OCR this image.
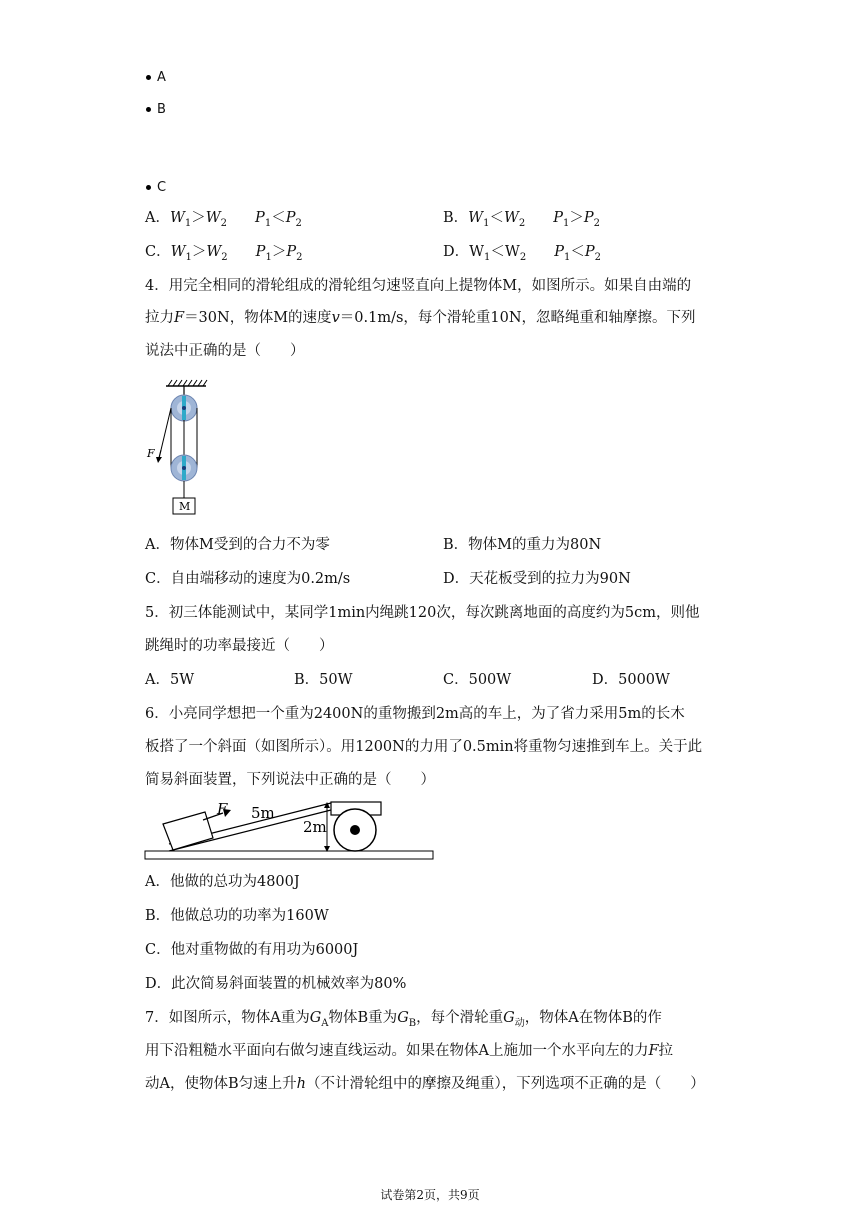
A
B
C
A．$W_1>W_2$ $P_1<P_2$	B．$W_1<W_2$ $P_1>P_2$
C．$W_1>W_2$ $P_1>P_2$	D．$W_1<W_2$ $P_1<P_2$
4．用完全相同的滑轮组成的滑轮组匀速竖直向上提物体M，如图所示。如果自由端的
拉力F＝30N，物体M的速度v＝0.1m/s，每个滑轮重10N，忽略绳重和轴摩擦。下列
说法中正确的是（　　）
F
M
A．物体M受到的合力不为零	B．物体M的重力为80N
C．自由端移动的速度为0.2m/s	D．天花板受到的拉力为90N
5．初三体能测试中，某同学1min内绳跳120次，每次跳离地面的高度约为5cm，则他
跳绳时的功率最接近（　　）
A．5W	B．50W	C．500W	D．5000W
6．小亮同学想把一个重为2400N的重物搬到2m高的车上，为了省力采用5m的长木
板搭了一个斜面（如图所示）。用1200N的力用了0.5min将重物匀速推到车上。关于此
简易斜面装置，下列说法中正确的是（　　）
F 5m
2m
A．他做的总功为4800J
B．他做总功的功率为160W
C．他对重物做的有用功为6000J
D．此次简易斜面装置的机械效率为80%
7．如图所示，物体A重为$G_A$物体B重为$G_B$，每个滑轮重$G_动$，物体A在物体B的作
用下沿粗糙水平面向右做匀速直线运动。如果在物体A上施加一个水平向左的力F拉
动A，使物体B匀速上升h（不计滑轮组中的摩擦及绳重），下列选项不正确的是（　　）
试卷第2页，共9页
